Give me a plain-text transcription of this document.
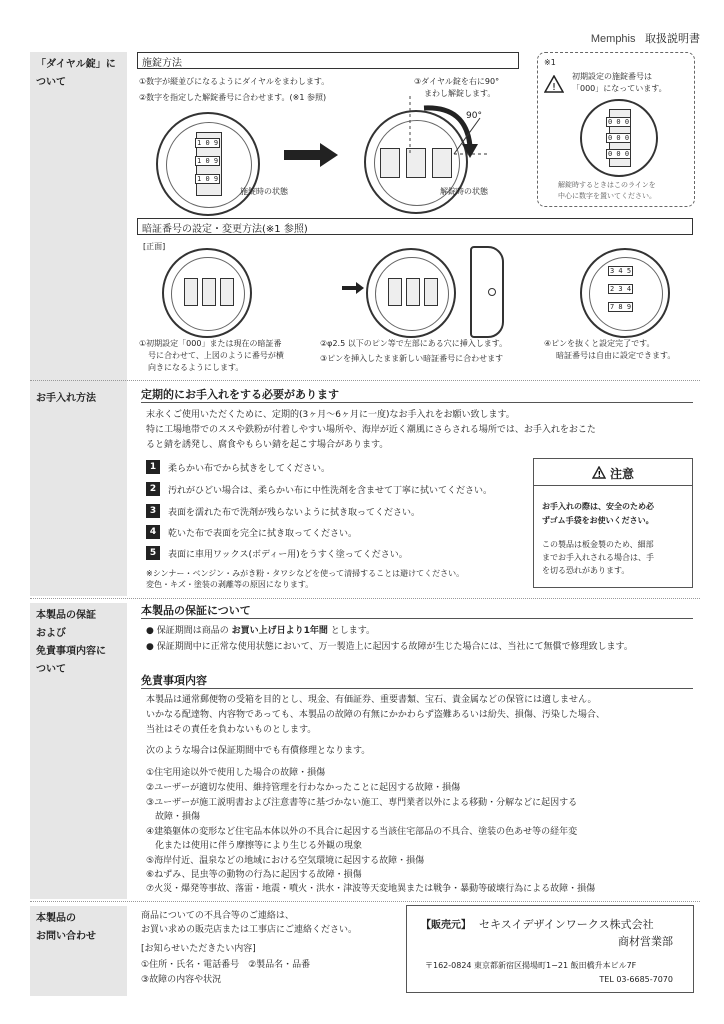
Memphis 取扱説明書
「ダイヤル錠」に
ついて
お手入れ方法
本製品の保証
および
免責事項内容に
ついて
本製品の
お問い合わせ
施錠方法
①数字が縦並びになるようにダイヤルをまわします。
②数字を指定した解錠番号に合わせます。(※1 参照)
③ダイヤル錠を右に90°
まわし解錠します。
1 0 9
1 0 9
1 0 9
施錠時の状態
90°
解錠時の状態
※1
!
初期設定の施錠番号は
「000」になっています。
0 0 0
0 0 0
0 0 0
解錠時するときはこのラインを
中心に数字を置いてください。
暗証番号の設定・変更方法(※1 参照)
[正面]
3 4 5
2 3 4
7 8 9
①初期設定「000」または現在の暗証番
号に合わせて、上図のように番号が横
向きになるようにします。
②φ2.5 以下のピン等で左部にある穴に挿入します。
③ピンを挿入したまま新しい暗証番号に合わせます
④ピンを抜くと設定完了です。
暗証番号は自由に設定できます。
定期的にお手入れをする必要があります
末永くご使用いただくために、定期的(3ヶ月〜6ヶ月に一度)なお手入れをお願い致します。
特に工場地帯でのススや鉄粉が付着しやすい場所や、海岸が近く潮風にさらされる場所では、お手入れをおこた
ると錆を誘発し、腐食やもらい錆を起こす場合があります。
1	柔らかい布でから拭きをしてください。
2	汚れがひどい場合は、柔らかい布に中性洗剤を含ませて丁寧に拭いてください。
3	表面を濡れた布で洗剤が残らないように拭き取ってください。
4	乾いた布で表面を完全に拭き取ってください。
5	表面に車用ワックス(ボディー用)をうすく塗ってください。
※シンナー・ベンジン・みがき粉・タワシなどを使って清掃することは避けてください。
変色・キズ・塗装の剥離等の原因になります。
! 注意
お手入れの際は、安全のため必
ずゴム手袋をお使いください。
この製品は板金製のため、細部
までお手入れされる場合は、手
を切る恐れがあります。
本製品の保証について
● 保証期間は商品の お買い上げ日より1年間 とします。
● 保証期間中に正常な使用状態において、万一製造上に起因する故障が生じた場合には、当社にて無償で修理致します。
免責事項内容
本製品は通常郵便物の受箱を目的とし、現金、有価証券、重要書類、宝石、貴金属などの保管には適しません。
いかなる配達物、内容物であっても、本製品の故障の有無にかかわらず盗難あるいは紛失、損傷、汚染した場合、
当社はその責任を負わないものとします。
次のような場合は保証期間中でも有償修理となります。
①住宅用途以外で使用した場合の故障・損傷
②ユーザーが適切な使用、維持管理を行わなかったことに起因する故障・損傷
③ユーザーが施工説明書および注意書等に基づかない施工、専門業者以外による移動・分解などに起因する
　故障・損傷
④建築躯体の変形など住宅品本体以外の不具合に起因する当該住宅部品の不具合、塗装の色あせ等の経年変
　化または使用に伴う摩擦等により生じる外観の現象
⑤海岸付近、温泉などの地域における空気環境に起因する故障・損傷
⑥ねずみ、昆虫等の動物の行為に起因する故障・損傷
⑦火災・爆発等事故、落雷・地震・噴火・洪水・津波等天変地異または戦争・暴動等破壊行為による故障・損傷
商品についての不具合等のご連絡は、
お買い求めの販売店または工事店にご連絡ください。
[お知らせいただきたい内容]
①住所・氏名・電話番号　②製品名・品番
③故障の内容や状況
【販売元】 セキスイデザインワークス株式会社
商材営業部
〒162-0824 東京都新宿区揚場町1−21 飯田橋升本ビル7F
TEL 03-6685-7070
